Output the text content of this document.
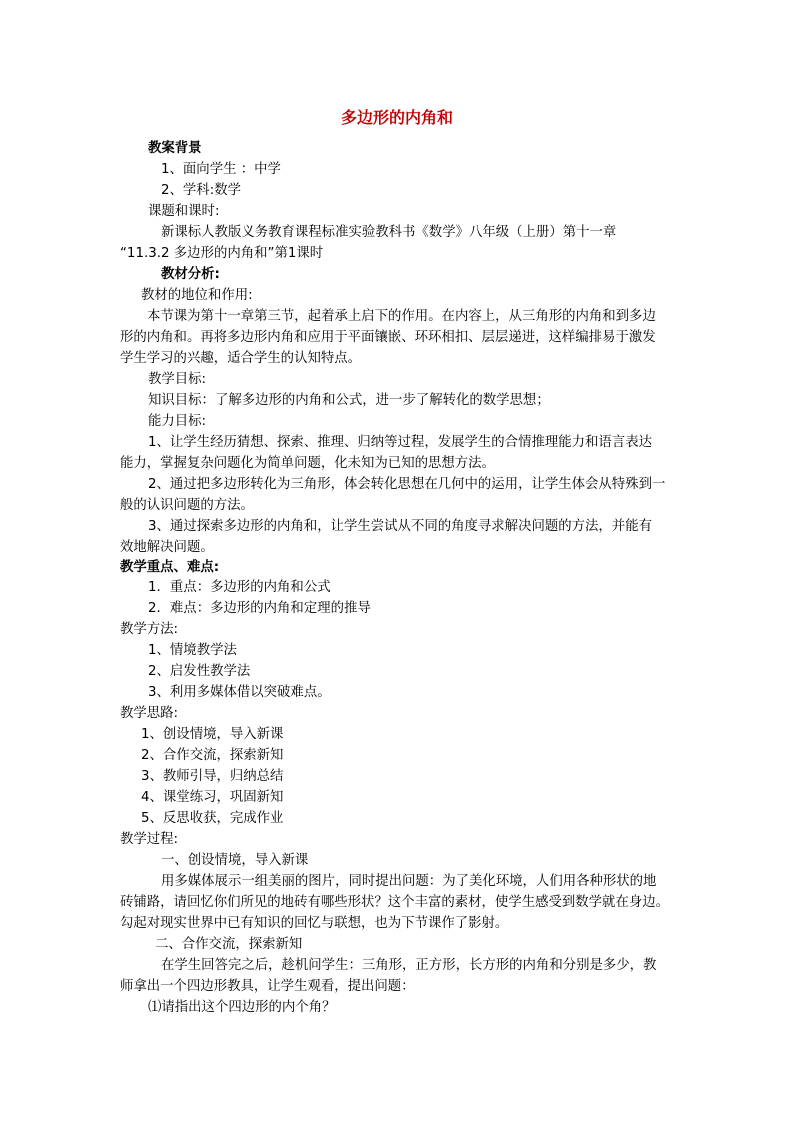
多边形的内角和
教案背景
1、面向学生 ：中学
2、学科:数学
课题和课时:
新课标人教版义务教育课程标准实验教科书《数学》八年级（上册）第十一章
“11.3.2 多边形的内角和”第1课时
教材分析:
教材的地位和作用:
本节课为第十一章第三节，起着承上启下的作用。在内容上，从三角形的内角和到多边
形的内角和。再将多边形内角和应用于平面镶嵌、环环相扣、层层递进，这样编排易于激发
学生学习的兴趣，适合学生的认知特点。
教学目标:
知识目标：了解多边形的内角和公式，进一步了解转化的数学思想；
能力目标:
1、让学生经历猜想、探索、推理、归纳等过程，发展学生的合情推理能力和语言表达
能力，掌握复杂问题化为简单问题，化未知为已知的思想方法。
2、通过把多边形转化为三角形，体会转化思想在几何中的运用，让学生体会从特殊到一
般的认识问题的方法。
3、通过探索多边形的内角和，让学生尝试从不同的角度寻求解决问题的方法，并能有
效地解决问题。
教学重点、难点:
1．重点：多边形的内角和公式
2．难点：多边形的内角和定理的推导
教学方法:
1、情境教学法
2、启发性教学法
3、利用多媒体借以突破难点。
教学思路:
1、创设情境，导入新课
2、合作交流，探索新知
3、教师引导，归纳总结
4、课堂练习，巩固新知
5、反思收获，完成作业
教学过程:
一、创设情境，导入新课
用多媒体展示一组美丽的图片，同时提出问题：为了美化环境，人们用各种形状的地
砖铺路，请回忆你们所见的地砖有哪些形状？这个丰富的素材，使学生感受到数学就在身边。
勾起对现实世界中已有知识的回忆与联想，也为下节课作了影射。
二、合作交流，探索新知
在学生回答完之后，趁机问学生：三角形，正方形，长方形的内角和分别是多少，教
师拿出一个四边形教具，让学生观看，提出问题：
⑴请指出这个四边形的内个角？
